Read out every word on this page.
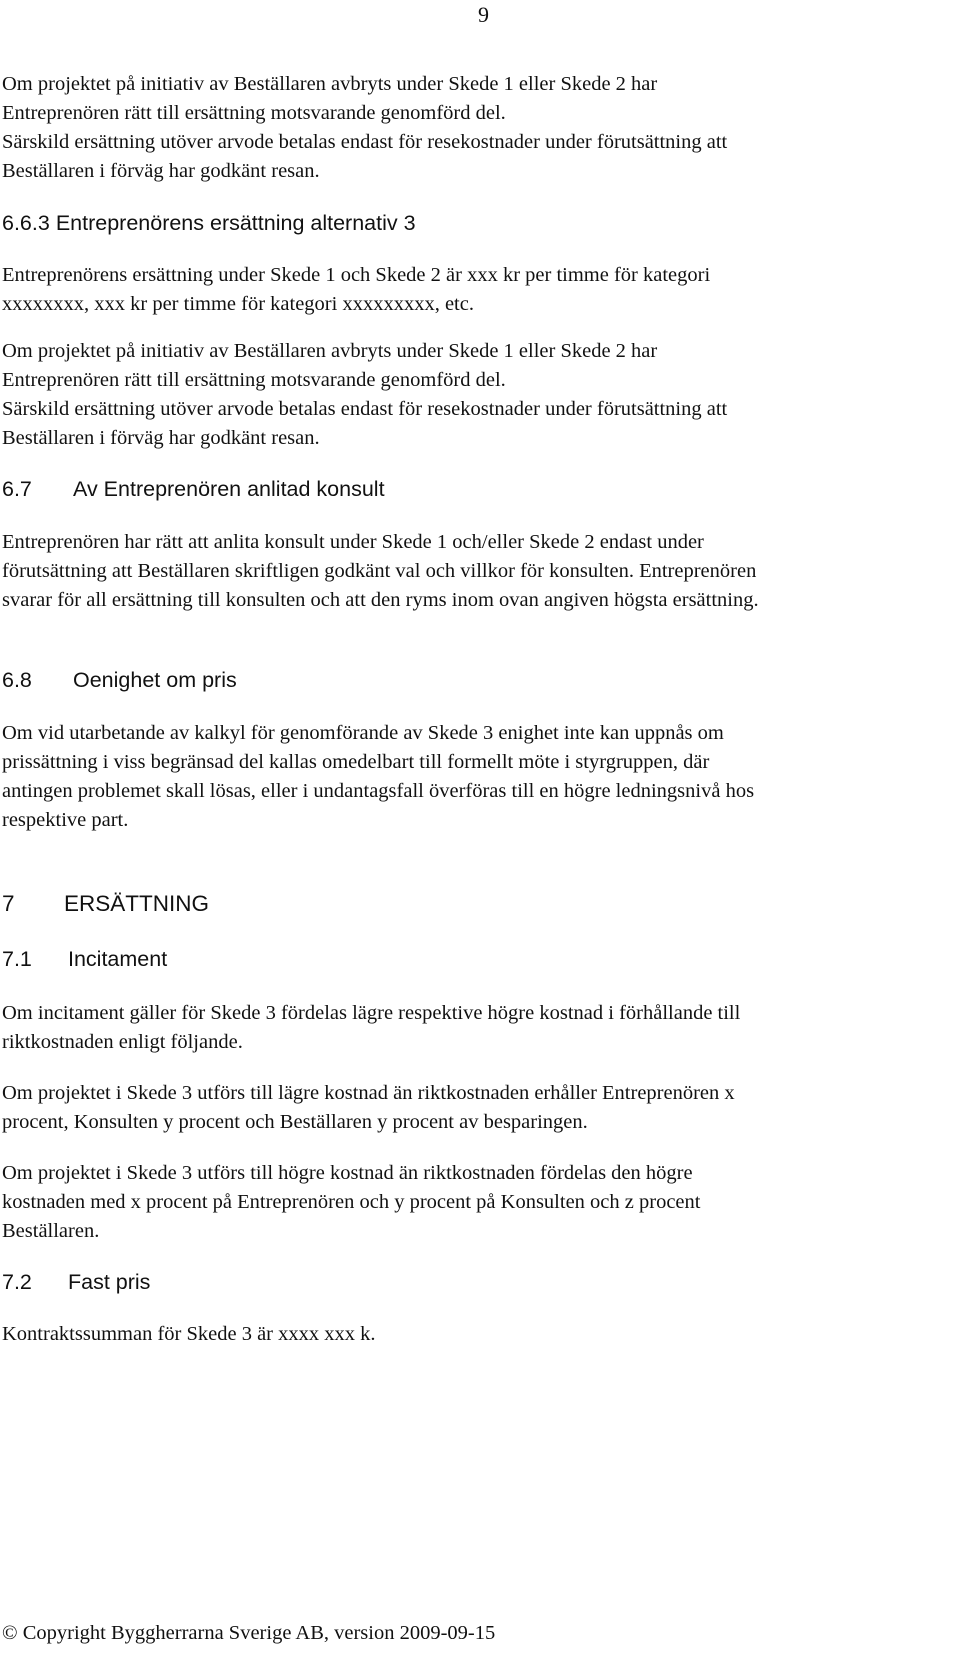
9

Om projektet på initiativ av Beställaren avbryts under Skede 1 eller Skede 2 har
Entreprenören rätt till ersättning motsvarande genomförd del.
Särskild ersättning utöver arvode betalas endast för resekostnader under förutsättning att
Beställaren i förväg har godkänt resan.

6.6.3 Entreprenörens ersättning alternativ 3

Entreprenörens ersättning under Skede 1 och Skede 2 är xxx kr per timme för kategori
xxxxxxxx, xxx kr per timme för kategori xxxxxxxxx, etc.

Om projektet på initiativ av Beställaren avbryts under Skede 1 eller Skede 2 har
Entreprenören rätt till ersättning motsvarande genomförd del.
Särskild ersättning utöver arvode betalas endast för resekostnader under förutsättning att
Beställaren i förväg har godkänt resan.

6.7 Av Entreprenören anlitad konsult

Entreprenören har rätt att anlita konsult under Skede 1 och/eller Skede 2 endast under
förutsättning att Beställaren skriftligen godkänt val och villkor för konsulten. Entreprenören
svarar för all ersättning till konsulten och att den ryms inom ovan angiven högsta ersättning.

6.8 Oenighet om pris

Om vid utarbetande av kalkyl för genomförande av Skede 3 enighet inte kan uppnås om
prissättning i viss begränsad del kallas omedelbart till formellt möte i styrgruppen, där
antingen problemet skall lösas, eller i undantagsfall överföras till en högre ledningsnivå hos
respektive part.

7 ERSÄTTNING
7.1 Incitament

Om incitament gäller för Skede 3 fördelas lägre respektive högre kostnad i förhållande till
riktkostnaden enligt följande.

Om projektet i Skede 3 utförs till lägre kostnad än riktkostnaden erhåller Entreprenören x
procent, Konsulten y procent och Beställaren y procent av besparingen.

Om projektet i Skede 3 utförs till högre kostnad än riktkostnaden fördelas den högre
kostnaden med x procent på Entreprenören och y procent på Konsulten och z procent
Beställaren.

7.2 Fast pris

Kontraktssumman för Skede 3 är xxxx xxx k.

© Copyright Byggherrarna Sverige AB, version 2009-09-15
